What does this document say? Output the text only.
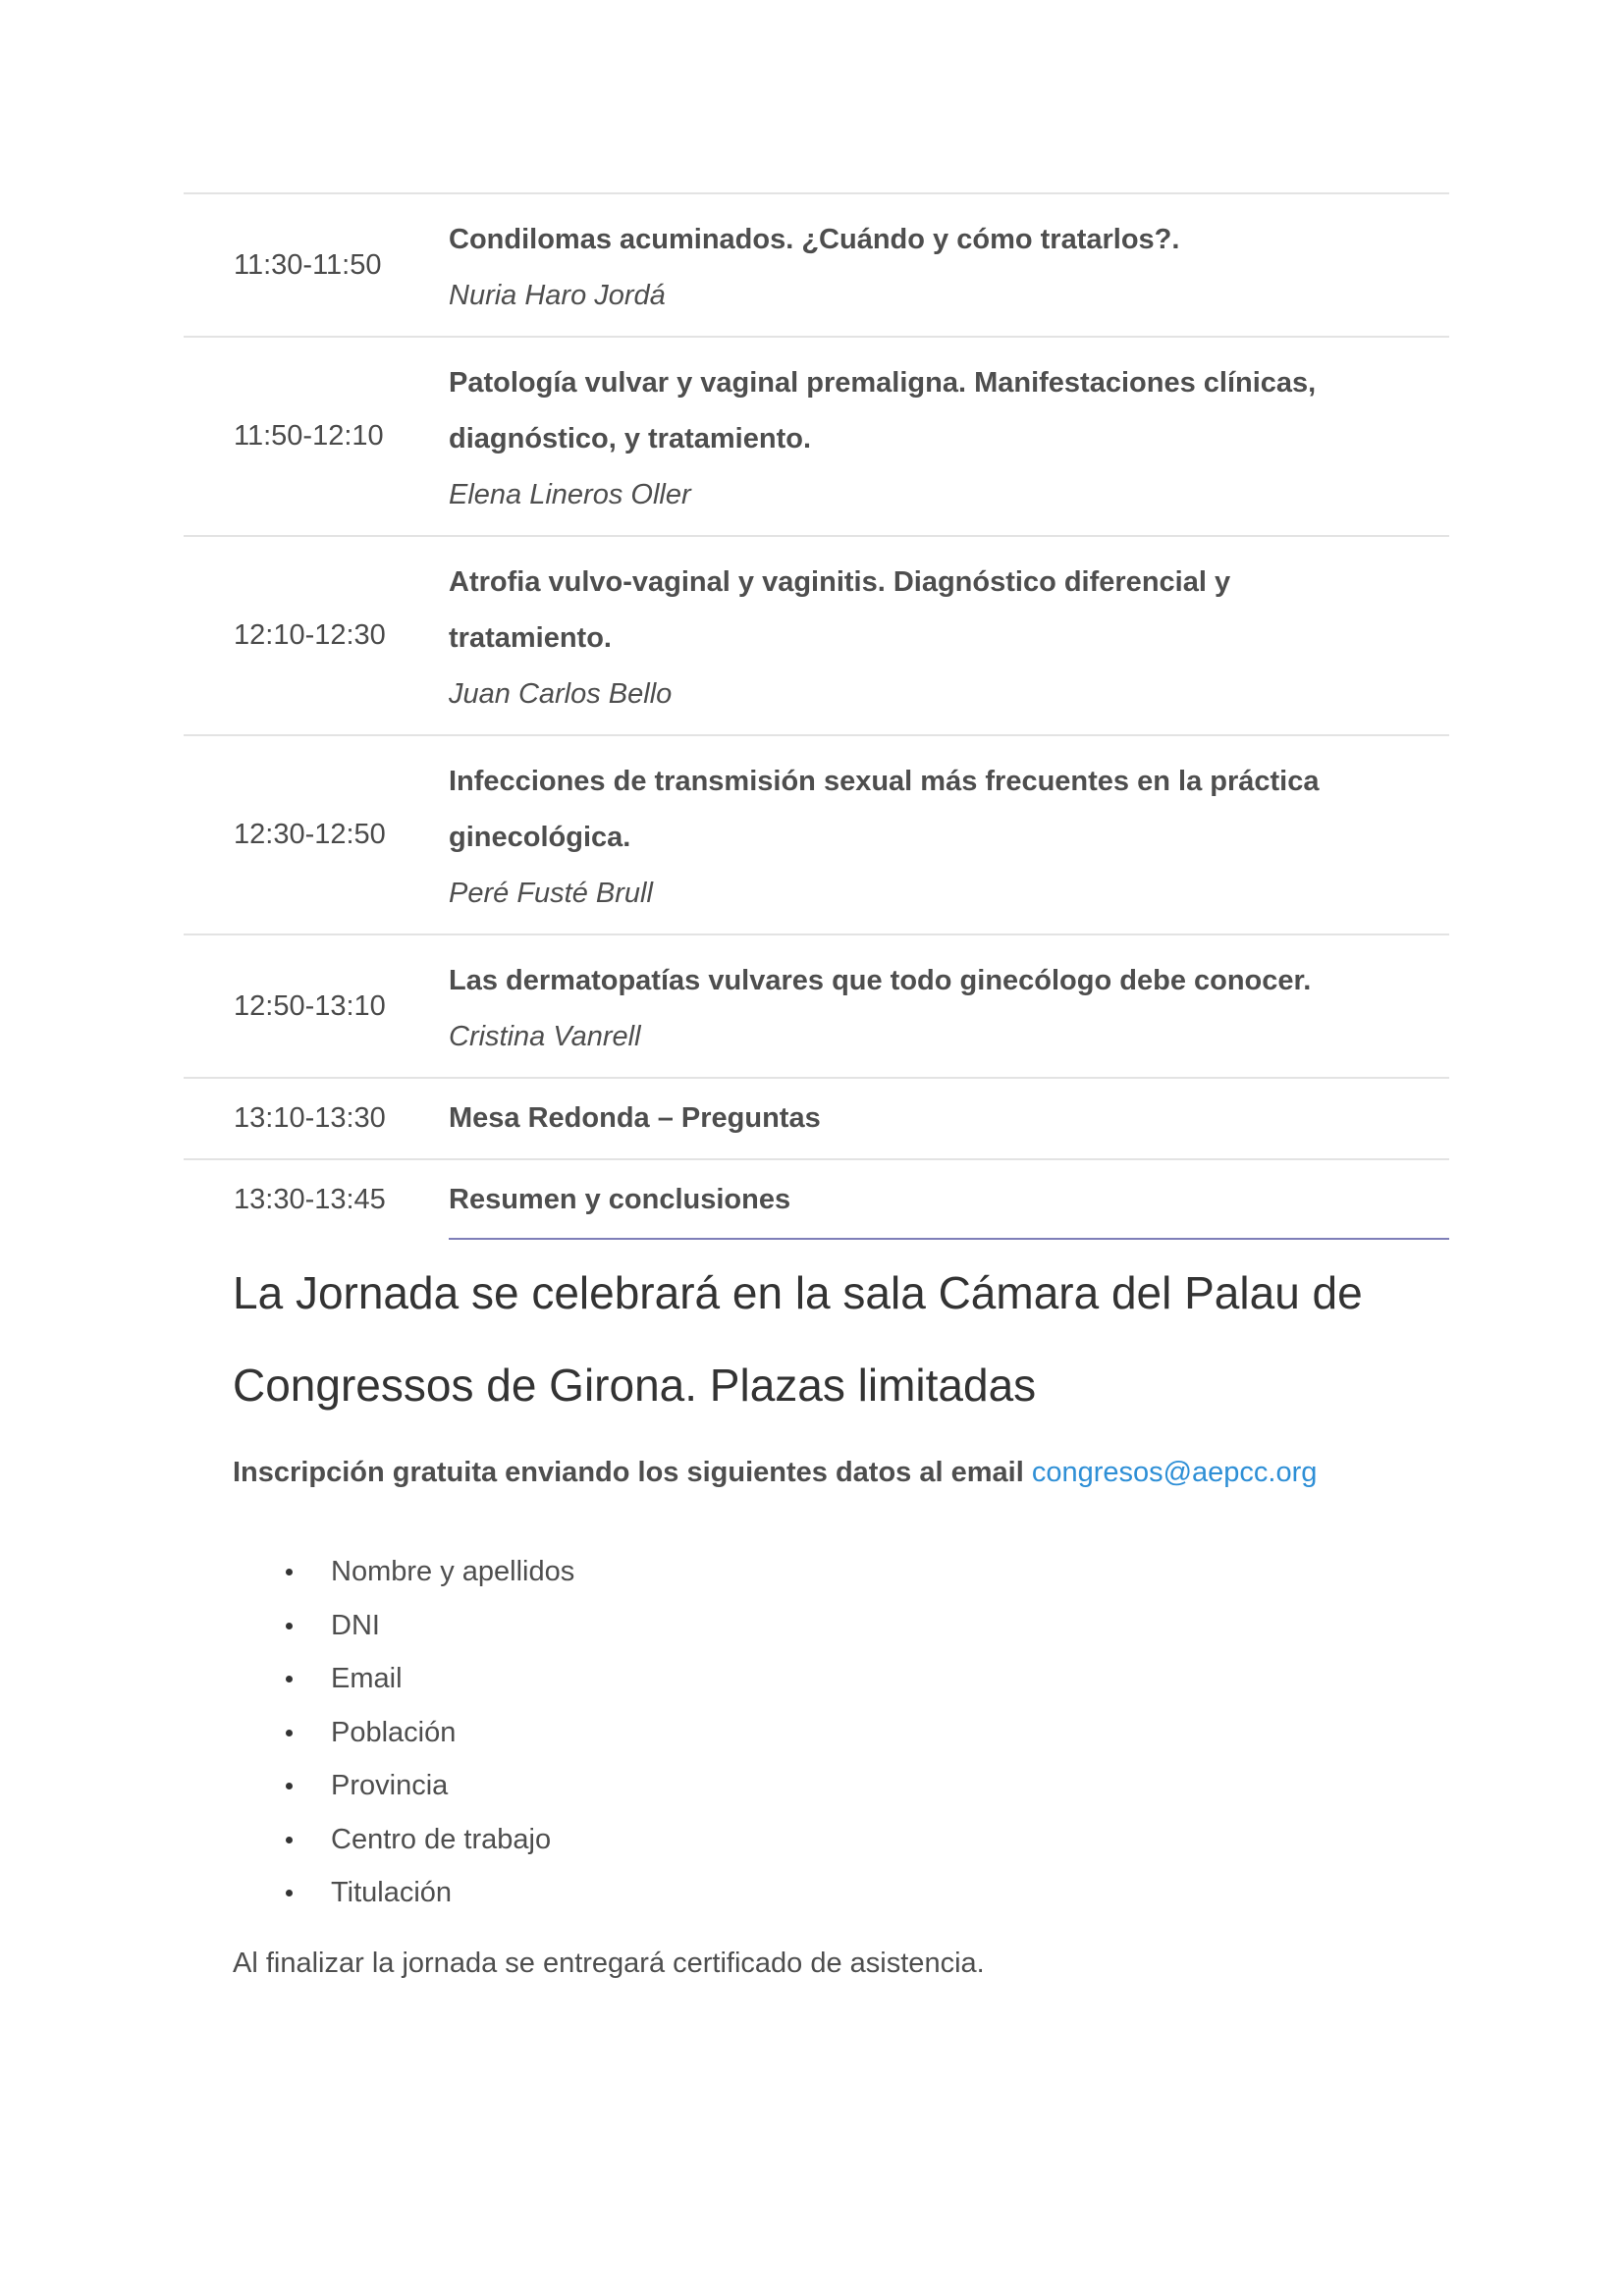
11:30-11:50
Condilomas acuminados. ¿Cuándo y cómo tratarlos?.
Nuria Haro Jordá
11:50-12:10
Patología vulvar y vaginal premaligna. Manifestaciones clínicas,
diagnóstico, y tratamiento.
Elena Lineros Oller
12:10-12:30
Atrofia vulvo-vaginal y vaginitis. Diagnóstico diferencial y
tratamiento.
Juan Carlos Bello
12:30-12:50
Infecciones de transmisión sexual más frecuentes en la práctica
ginecológica.
Peré Fusté Brull
12:50-13:10
Las dermatopatías vulvares que todo ginecólogo debe conocer.
Cristina Vanrell
13:10-13:30	Mesa Redonda – Preguntas
13:30-13:45	Resumen y conclusiones
La Jornada se celebrará en la sala Cámara del Palau de
Congressos de Girona. Plazas limitadas
Inscripción gratuita enviando los siguientes datos al email congresos@aepcc.org
Nombre y apellidos
DNI
Email
Población
Provincia
Centro de trabajo
Titulación
Al finalizar la jornada se entregará certificado de asistencia.
